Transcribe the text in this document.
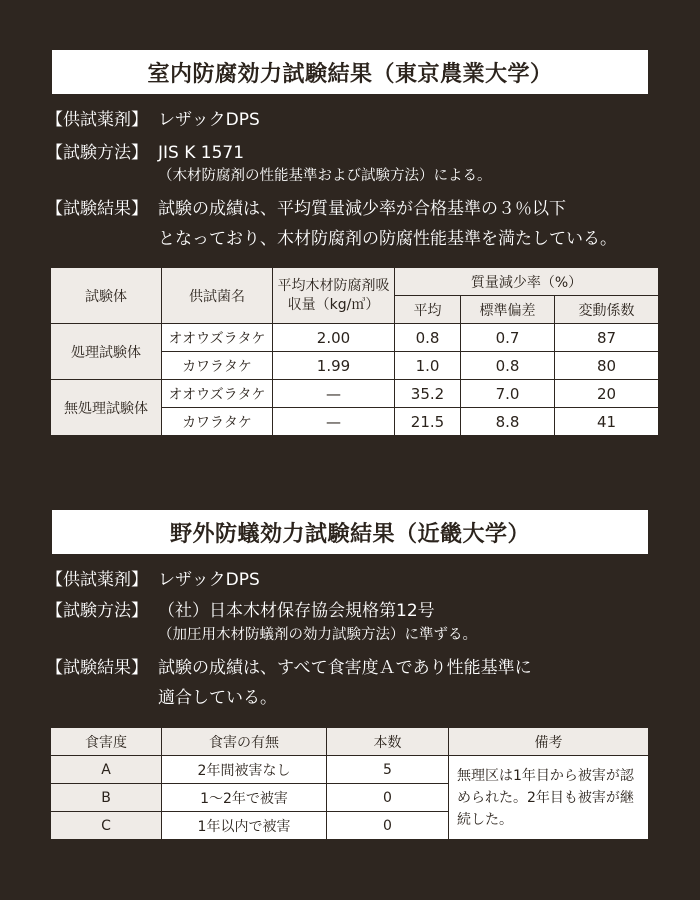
室内防腐効力試験結果（東京農業大学）
【供試薬剤】 レザックDPS
【試験方法】 JIS K 1571
（木材防腐剤の性能基準および試験方法）による。
【試験結果】 試験の成績は、平均質量減少率が合格基準の３％以下
となっており、木材防腐剤の防腐性能基準を満たしている。
試験体	供試菌名	平均木材防腐剤吸収量（kg/㎥）	質量減少率（%）		
			平均	標準偏差	変動係数
処理試験体	オオウズラタケ	2.00	0.8	0.7	87
	カワラタケ	1.99	1.0	0.8	80
無処理試験体	オオウズラタケ	—	35.2	7.0	20
	カワラタケ	—	21.5	8.8	41
野外防蟻効力試験結果（近畿大学）
【供試薬剤】 レザックDPS
【試験方法】 （社）日本木材保存協会規格第12号
（加圧用木材防蟻剤の効力試験方法）に準ずる。
【試験結果】 試験の成績は、すべて食害度Ａであり性能基準に
適合している。
食害度	食害の有無	本数	備考
A	2年間被害なし	5	無理区は1年目から被害が認められた。2年目も被害が継続した。
B	1〜2年で被害	0	
C	1年以内で被害	0	
